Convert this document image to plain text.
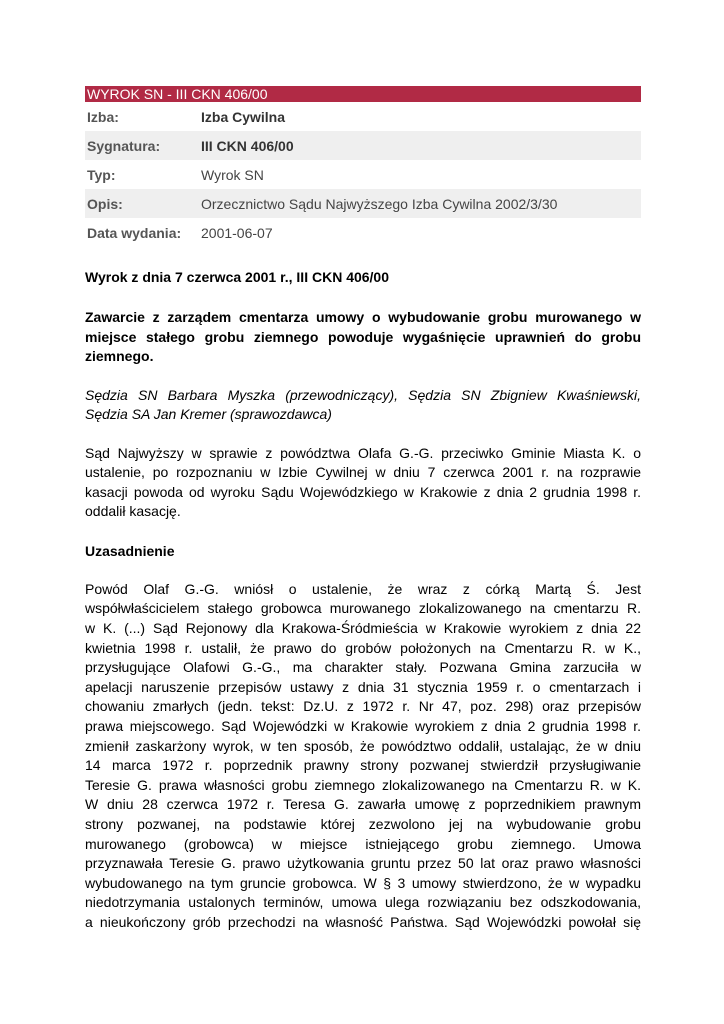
WYROK SN - III CKN 406/00
Izba:	Izba Cywilna
Sygnatura:	III CKN 406/00
Typ:	Wyrok SN
Opis:	Orzecznictwo Sądu Najwyższego Izba Cywilna 2002/3/30
Data wydania:	2001-06-07
Wyrok z dnia 7 czerwca 2001 r., III CKN 406/00
Zawarcie z zarządem cmentarza umowy o wybudowanie grobu murowanego w
miejsce stałego grobu ziemnego powoduje wygaśnięcie uprawnień do grobu
ziemnego.
Sędzia SN Barbara Myszka (przewodniczący), Sędzia SN Zbigniew Kwaśniewski,
Sędzia SA Jan Kremer (sprawozdawca)
Sąd Najwyższy w sprawie z powództwa Olafa G.-G. przeciwko Gminie Miasta K. o
ustalenie, po rozpoznaniu w Izbie Cywilnej w dniu 7 czerwca 2001 r. na rozprawie
kasacji powoda od wyroku Sądu Wojewódzkiego w Krakowie z dnia 2 grudnia 1998 r.
oddalił kasację.
Uzasadnienie
Powód Olaf G.-G. wniósł o ustalenie, że wraz z córką Martą Ś. Jest
współwłaścicielem stałego grobowca murowanego zlokalizowanego na cmentarzu R.
w K. (...) Sąd Rejonowy dla Krakowa-Śródmieścia w Krakowie wyrokiem z dnia 22
kwietnia 1998 r. ustalił, że prawo do grobów położonych na Cmentarzu R. w K.,
przysługujące Olafowi G.-G., ma charakter stały. Pozwana Gmina zarzuciła w
apelacji naruszenie przepisów ustawy z dnia 31 stycznia 1959 r. o cmentarzach i
chowaniu zmarłych (jedn. tekst: Dz.U. z 1972 r. Nr 47, poz. 298) oraz przepisów
prawa miejscowego. Sąd Wojewódzki w Krakowie wyrokiem z dnia 2 grudnia 1998 r.
zmienił zaskarżony wyrok, w ten sposób, że powództwo oddalił, ustalając, że w dniu
14 marca 1972 r. poprzednik prawny strony pozwanej stwierdził przysługiwanie
Teresie G. prawa własności grobu ziemnego zlokalizowanego na Cmentarzu R. w K.
W dniu 28 czerwca 1972 r. Teresa G. zawarła umowę z poprzednikiem prawnym
strony pozwanej, na podstawie której zezwolono jej na wybudowanie grobu
murowanego (grobowca) w miejsce istniejącego grobu ziemnego. Umowa
przyznawała Teresie G. prawo użytkowania gruntu przez 50 lat oraz prawo własności
wybudowanego na tym gruncie grobowca. W § 3 umowy stwierdzono, że w wypadku
niedotrzymania ustalonych terminów, umowa ulega rozwiązaniu bez odszkodowania,
a nieukończony grób przechodzi na własność Państwa. Sąd Wojewódzki powołał się
